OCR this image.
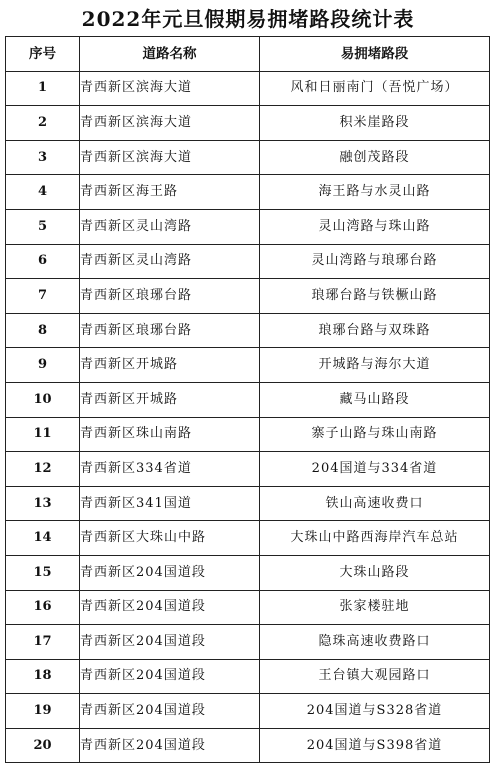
2022年元旦假期易拥堵路段统计表
序号	道路名称	易拥堵路段
1	青西新区滨海大道	风和日丽南门（吾悦广场）
2	青西新区滨海大道	积米崖路段
3	青西新区滨海大道	融创茂路段
4	青西新区海王路	海王路与水灵山路
5	青西新区灵山湾路	灵山湾路与珠山路
6	青西新区灵山湾路	灵山湾路与琅琊台路
7	青西新区琅琊台路	琅琊台路与铁橛山路
8	青西新区琅琊台路	琅琊台路与双珠路
9	青西新区开城路	开城路与海尔大道
10	青西新区开城路	藏马山路段
11	青西新区珠山南路	寨子山路与珠山南路
12	青西新区334省道	204国道与334省道
13	青西新区341国道	铁山高速收费口
14	青西新区大珠山中路	大珠山中路西海岸汽车总站
15	青西新区204国道段	大珠山路段
16	青西新区204国道段	张家楼驻地
17	青西新区204国道段	隐珠高速收费路口
18	青西新区204国道段	王台镇大观园路口
19	青西新区204国道段	204国道与S328省道
20	青西新区204国道段	204国道与S398省道
